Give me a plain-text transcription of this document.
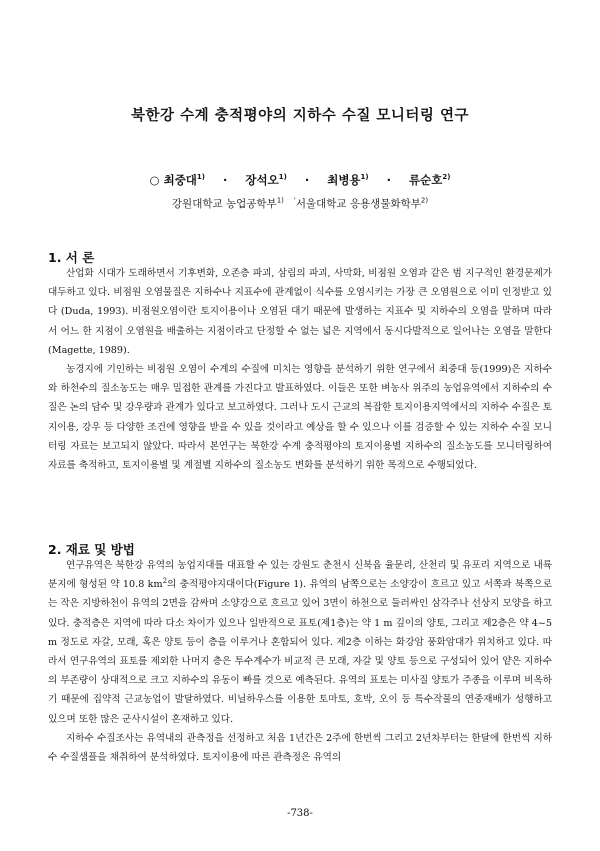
북한강 수계 충적평야의 지하수 수질 모니터링 연구
○ 최중대$^{1)}$ · 장석오$^{1)}$ · 최병용$^{1)}$ · 류순호$^{2)}$
강원대학교 농업공학부$^{1)}$ '서울대학교 응용생물화학부$^{2)}$
1. 서 론

산업화 시대가 도래하면서 기후변화, 오존층 파괴, 삼림의 파괴, 사막화, 비점원 오염과 같은 범 지구적인 환경문제가 대두하고 있다. 비점원 오염물질은 지하수나 지표수에 관계없이 식수를 오염시키는 가장 큰 오염원으로 이미 인정받고 있다 (Duda, 1993). 비점원오염이란 토지이용이나 오염된 대기 때문에 발생하는 지표수 및 지하수의 오염을 말하며 따라서 어느 한 지점이 오염원을 배출하는 지점이라고 단정할 수 없는 넓은 지역에서 동시다발적으로 일어나는 오염을 말한다(Magette, 1989).

농경지에 기인하는 비점원 오염이 수계의 수질에 미치는 영향을 분석하기 위한 연구에서 최중대 등(1999)은 지하수와 하천수의 질소농도는 매우 밀접한 관계를 가진다고 발표하였다. 이들은 또한 벼농사 위주의 농업유역에서 지하수의 수질은 논의 담수 및 강우량과 관계가 있다고 보고하였다. 그러나 도시 근교의 복잡한 토지이용지역에서의 지하수 수질은 토지이용, 강우 등 다양한 조건에 영향을 받을 수 있을 것이라고 예상을 할 수 있으나 이를 검증할 수 있는 지하수 수질 모니터링 자료는 보고되지 않았다. 따라서 본연구는 북한강 수계 충적평야의 토지이용별 지하수의 질소농도를 모니터링하여 자료를 축적하고, 토지이용별 및 계절별 지하수의 질소농도 변화를 분석하기 위한 목적으로 수행되었다.

2. 재료 및 방법

연구유역은 북한강 유역의 농업지대를 대표할 수 있는 강원도 춘천시 신북읍 율문리, 산천리 및 유포리 지역으로 내륙분지에 형성된 약 10.8 $km^2$의 충적평야지대이다(Figure 1). 유역의 남쪽으로는 소양강이 흐르고 있고 서쪽과 북쪽으로는 작은 지방하천이 유역의 2면을 감싸며 소양강으로 흐르고 있어 3면이 하천으로 둘러싸인 삼각주나 선상지 모양을 하고 있다. 충적층은 지역에 따라 다소 차이가 있으나 일반적으로 표토(제1층)는 약 1 m 깊이의 양토, 그리고 제2층은 약 4~5 m 정도로 자갈, 모래, 혹은 양토 등이 층을 이루거나 혼합되어 있다. 제2층 이하는 화강암 풍화암대가 위치하고 있다. 따라서 연구유역의 표토를 제외한 나머지 층은 투수계수가 비교적 큰 모래, 자갈 및 양토 등으로 구성되어 있어 얕은 지하수의 부존량이 상대적으로 크고 지하수의 유동이 빠를 것으로 예측된다. 유역의 표토는 미사질 양토가 주종을 이루며 비옥하기 때문에 집약적 근교농업이 발달하였다. 비닐하우스를 이용한 토마토, 호박, 오이 등 특수작물의 연중재배가 성행하고 있으며 또한 많은 군사시설이 혼재하고 있다.

지하수 수질조사는 유역내의 관측정을 선정하고 처음 1년간은 2주에 한번씩 그리고 2년차부터는 한달에 한번씩 지하수 수질샘플을 채취하여 분석하였다. 토지이용에 따른 관측정은 유역의

-738-
